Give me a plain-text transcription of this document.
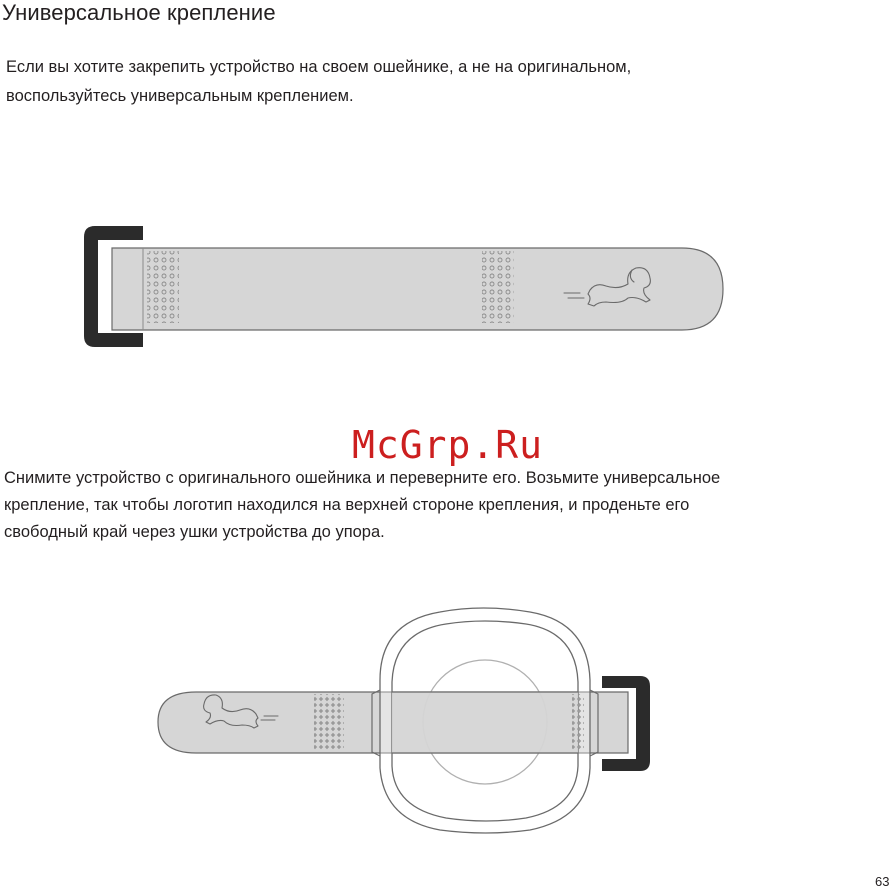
Универсальное крепление
Если вы хотите закрепить устройство на своем ошейнике, а не на оригинальном,
воспользуйтесь универсальным креплением.
McGrp.Ru
Снимите устройство с оригинального ошейника и переверните его. Возьмите универсальное
крепление, так чтобы логотип находился на верхней стороне крепления, и проденьте его
свободный край через ушки устройства до упора.
63
